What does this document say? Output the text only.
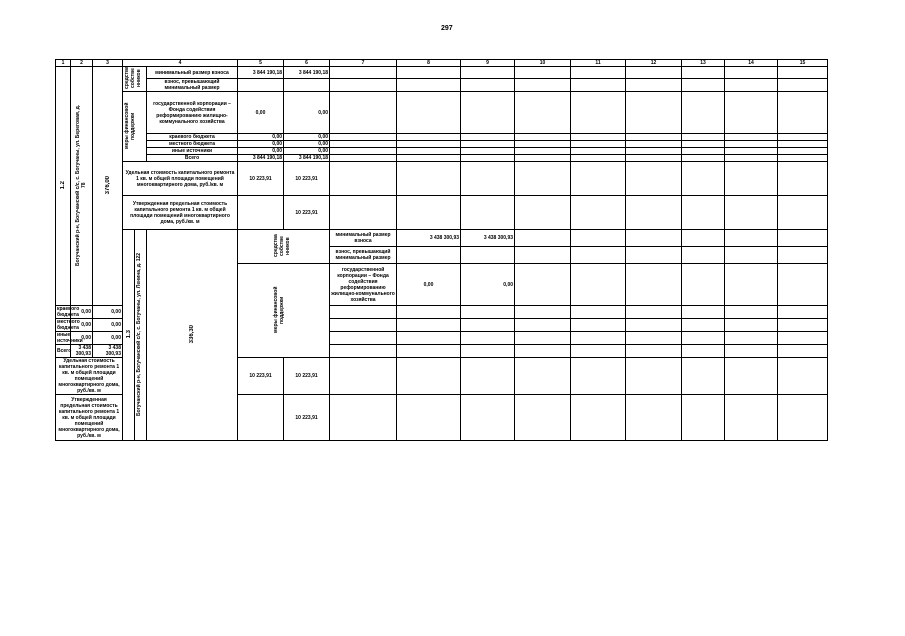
297
1	2	3	4			5	6	7	8	9	10	11	12	13	14	15	
1.2	Богучанский р-н, Богучанский с/с, с. Богучаны, ул. Береговая, д. 78	376,00	средства собстве нников		минимальный размер взноса	3 844 190,18	3 844 190,18										
					взнос, превышающий минимальный размер												
			меры финансовой поддержки		государственной корпорации – Фонда содействия реформированию жилищно-коммунального хозяйства	0,00	0,00										
					краевого бюджета	0,00	0,00										
					местного бюджета	0,00	0,00										
					иные источники	0,00	0,00										
					Всего	3 844 190,18	3 844 190,18										
			Удельная стоимость капитального ремонта 1 кв. м общей площади помещений многоквартирного дома, руб./кв. м			10 223,91	10 223,91										
			Утвержденная предельная стоимость капитального ремонта 1 кв. м общей площади помещений многоквартирного дома, руб./кв. м				10 223,91										
			1.3	Богучанский р-н, Богучанский с/с, с. Богучаны, ул. Ленина, д. 122	336,30	средства собстве нников		минимальный размер взноса	3 438 300,93	3 438 300,93									
								взнос, превышающий минимальный размер											
						меры финансовой поддержки		государственной корпорации – Фонда содействия реформированию жилищно-коммунального хозяйства	0,00	0,00									
краевого бюджета	0,00	0,00															
местного бюджета	0,00	0,00															
иные источники	0,00	0,00															
Всего	3 438 300,93	3 438 300,93															
Удельная стоимость капитального ремонта 1 кв. м общей площади помещений многоквартирного дома, руб./кв. м						10 223,91	10 223,91										
Утвержденная предельная стоимость капитального ремонта 1 кв. м общей площади помещений многоквартирного дома, руб./кв. м							10 223,91										
